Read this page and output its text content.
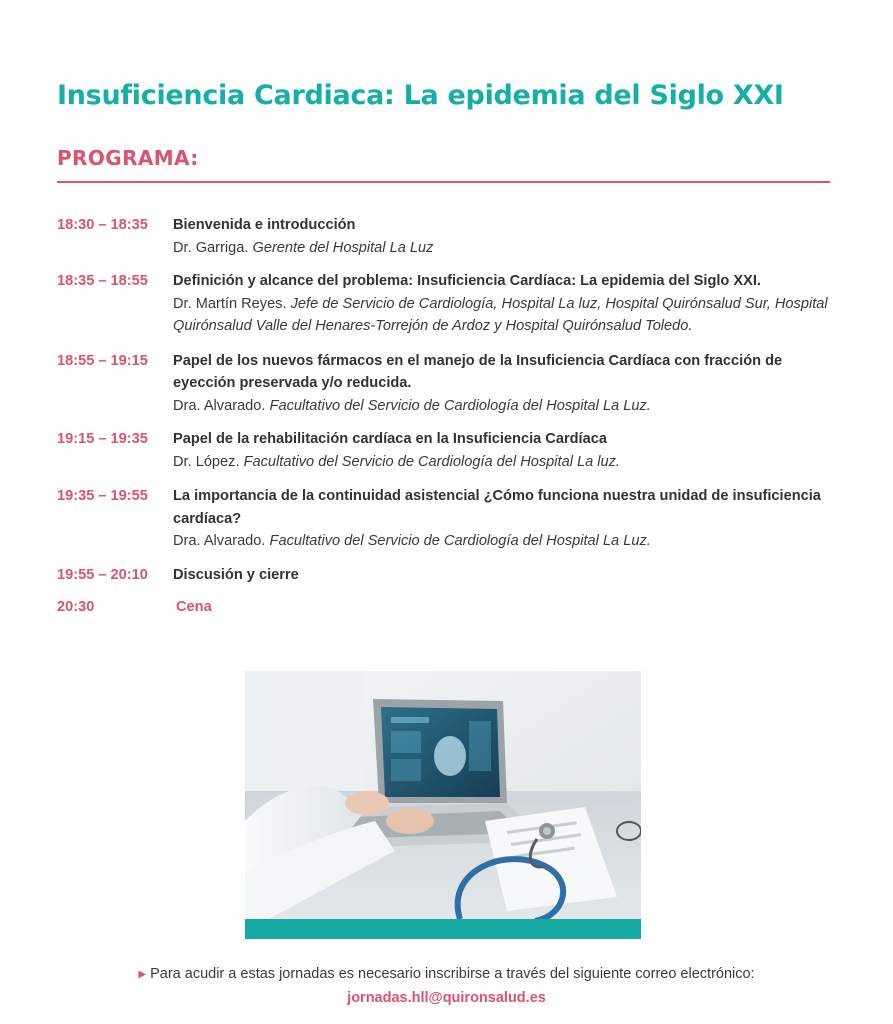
Insuficiencia Cardiaca: La epidemia del Siglo XXI
PROGRAMA:
18:30 – 18:35	Bienvenida e introducción
Dr. Garriga. Gerente del Hospital La Luz
18:35 – 18:55	Definición y alcance del problema: Insuficiencia Cardíaca: La epidemia del Siglo XXI.
Dr. Martín Reyes. Jefe de Servicio de Cardiología, Hospital La luz, Hospital Quirónsalud Sur, Hospital Quirónsalud Valle del Henares-Torrejón de Ardoz y Hospital Quirónsalud Toledo.
18:55 – 19:15	Papel de los nuevos fármacos en el manejo de la Insuficiencia Cardíaca con fracción de eyección preservada y/o reducida.
Dra. Alvarado. Facultativo del Servicio de Cardiología del Hospital La Luz.
19:15 – 19:35	Papel de la rehabilitación cardíaca en la Insuficiencia Cardíaca
Dr. López. Facultativo del Servicio de Cardiología del Hospital La luz.
19:35 – 19:55	La importancia de la continuidad asistencial ¿Cómo funciona nuestra unidad de insuficiencia cardíaca?
Dra. Alvarado. Facultativo del Servicio de Cardiología del Hospital La Luz.
19:55 – 20:10	Discusión y cierre
20:30	Cena
▶ Para acudir a estas jornadas es necesario inscribirse a través del siguiente correo electrónico:
jornadas.hll@quironsalud.es
